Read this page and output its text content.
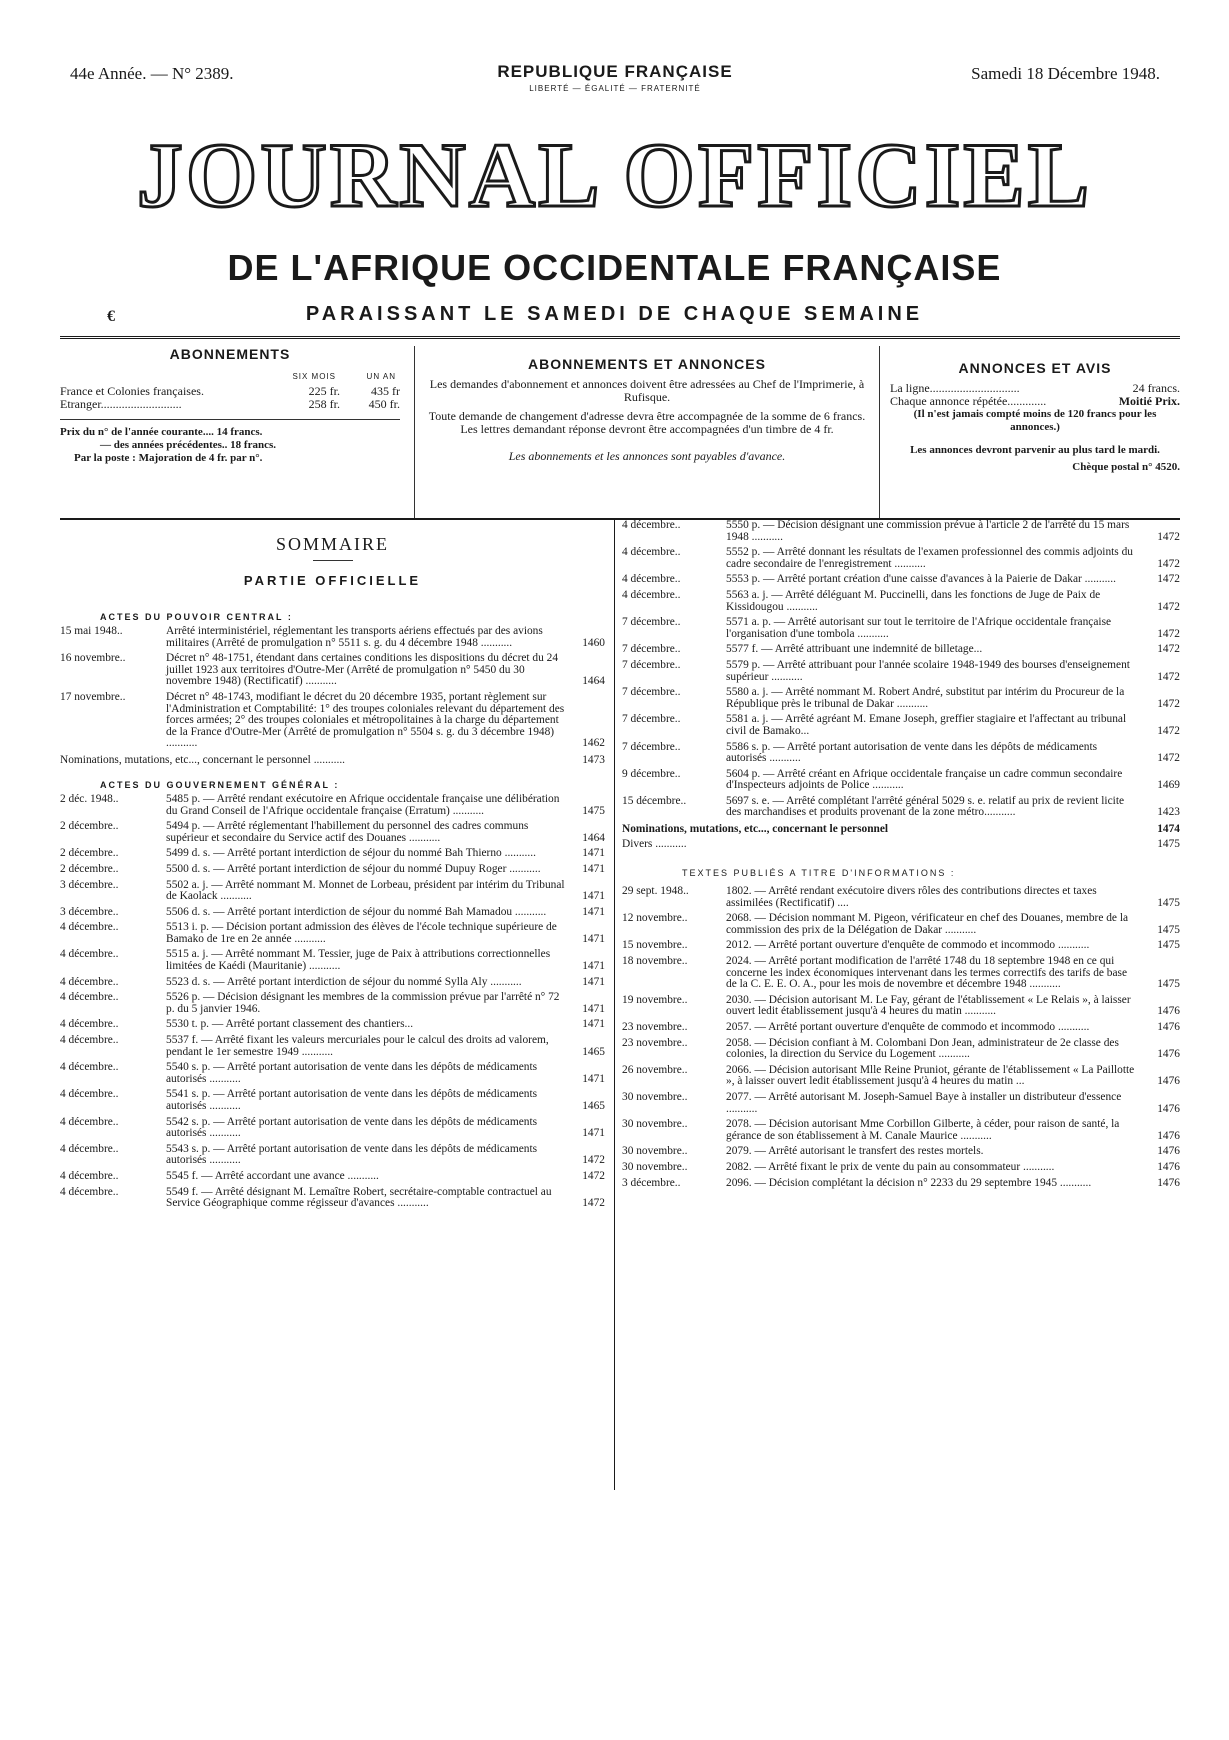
44e Année. — N° 2389.	REPUBLIQUE FRANÇAISE
LIBERTÉ — ÉGALITÉ — FRATERNITÉ
Samedi 18 Décembre 1948.
JOURNAL OFFICIEL
DE L'AFRIQUE OCCIDENTALE FRANÇAISE
€	PARAISSANT LE SAMEDI DE CHAQUE SEMAINE
ABONNEMENTS
SIX MOIS	UN AN
France et Colonies françaises.	225 fr.	435 fr
Etranger...........................	258 fr.	450 fr.
Prix du n° de l'année courante.... 14 francs.
— des années précédentes.. 18 francs.
Par la poste : Majoration de 4 fr. par n°.
ABONNEMENTS ET ANNONCES

Les demandes d'abonnement et annonces doivent être adressées au Chef de l'Imprimerie, à Rufisque.

Toute demande de changement d'adresse devra être accompagnée de la somme de 6 francs. Les lettres demandant réponse devront être accompagnées d'un timbre de 4 fr.

Les abonnements et les annonces sont payables d'avance.

ANNONCES ET AVIS
La ligne..............................	24 francs.
Chaque annonce répétée.............	Moitié Prix.
(Il n'est jamais compté moins de 120 francs pour les annonces.)
Les annonces devront parvenir au plus tard le mardi.
Chèque postal n° 4520.
SOMMAIRE
PARTIE OFFICIELLE
ACTES DU POUVOIR CENTRAL :
15 mai 1948..	Arrêté interministériel, réglementant les transports aériens effectués par des avions militaires (Arrêté de promulgation n° 5511 s. g. du 4 décembre 1948 ...........	1460
16 novembre..	Décret n° 48-1751, étendant dans certaines conditions les dispositions du décret du 24 juillet 1923 aux territoires d'Outre-Mer (Arrêté de promulgation n° 5450 du 30 novembre 1948) (Rectificatif) ...........	1464
17 novembre..	Décret n° 48-1743, modifiant le décret du 20 décembre 1935, portant règlement sur l'Administration et Comptabilité: 1° des troupes coloniales relevant du département des forces armées; 2° des troupes coloniales et métropolitaines à la charge du département de la France d'Outre-Mer (Arrêté de promulgation n° 5504 s. g. du 3 décembre 1948) ...........	1462
Nominations, mutations, etc..., concernant le personnel ...........	1473
ACTES DU GOUVERNEMENT GÉNÉRAL :
2 déc. 1948..	5485 p. — Arrêté rendant exécutoire en Afrique occidentale française une délibération du Grand Conseil de l'Afrique occidentale française (Erratum) ...........	1475
2 décembre..	5494 p. — Arrêté réglementant l'habillement du personnel des cadres communs supérieur et secondaire du Service actif des Douanes ...........	1464
2 décembre..	5499 d. s. — Arrêté portant interdiction de séjour du nommé Bah Thierno ...........	1471
2 décembre..	5500 d. s. — Arrêté portant interdiction de séjour du nommé Dupuy Roger ...........	1471
3 décembre..	5502 a. j. — Arrêté nommant M. Monnet de Lorbeau, président par intérim du Tribunal de Kaolack ...........	1471
3 décembre..	5506 d. s. — Arrêté portant interdiction de séjour du nommé Bah Mamadou ...........	1471
4 décembre..	5513 i. p. — Décision portant admission des élèves de l'école technique supérieure de Bamako de 1re en 2e année ...........	1471
4 décembre..	5515 a. j. — Arrêté nommant M. Tessier, juge de Paix à attributions correctionnelles limitées de Kaédi (Mauritanie) ...........	1471
4 décembre..	5523 d. s. — Arrêté portant interdiction de séjour du nommé Sylla Aly ...........	1471
4 décembre..	5526 p. — Décision désignant les membres de la commission prévue par l'arrêté n° 72 p. du 5 janvier 1946.	1471
4 décembre..	5530 t. p. — Arrêté portant classement des chantiers...	1471
4 décembre..	5537 f. — Arrêté fixant les valeurs mercuriales pour le calcul des droits ad valorem, pendant le 1er semestre 1949 ...........	1465
4 décembre..	5540 s. p. — Arrêté portant autorisation de vente dans les dépôts de médicaments autorisés ...........	1471
4 décembre..	5541 s. p. — Arrêté portant autorisation de vente dans les dépôts de médicaments autorisés ...........	1465
4 décembre..	5542 s. p. — Arrêté portant autorisation de vente dans les dépôts de médicaments autorisés ...........	1471
4 décembre..	5543 s. p. — Arrêté portant autorisation de vente dans les dépôts de médicaments autorisés ...........	1472
4 décembre..	5545 f. — Arrêté accordant une avance ...........	1472
4 décembre..	5549 f. — Arrêté désignant M. Lemaître Robert, secrétaire-comptable contractuel au Service Géographique comme régisseur d'avances ...........	1472
4 décembre..	5550 p. — Décision désignant une commission prévue à l'article 2 de l'arrêté du 15 mars 1948 ...........	1472
4 décembre..	5552 p. — Arrêté donnant les résultats de l'examen professionnel des commis adjoints du cadre secondaire de l'enregistrement ...........	1472
4 décembre..	5553 p. — Arrêté portant création d'une caisse d'avances à la Paierie de Dakar ...........	1472
4 décembre..	5563 a. j. — Arrêté déléguant M. Puccinelli, dans les fonctions de Juge de Paix de Kissidougou ...........	1472
7 décembre..	5571 a. p. — Arrêté autorisant sur tout le territoire de l'Afrique occidentale française l'organisation d'une tombola ...........	1472
7 décembre..	5577 f. — Arrêté attribuant une indemnité de billetage...	1472
7 décembre..	5579 p. — Arrêté attribuant pour l'année scolaire 1948-1949 des bourses d'enseignement supérieur ...........	1472
7 décembre..	5580 a. j. — Arrêté nommant M. Robert André, substitut par intérim du Procureur de la République près le tribunal de Dakar ...........	1472
7 décembre..	5581 a. j. — Arrêté agréant M. Emane Joseph, greffier stagiaire et l'affectant au tribunal civil de Bamako...	1472
7 décembre..	5586 s. p. — Arrêté portant autorisation de vente dans les dépôts de médicaments autorisés ...........	1472
9 décembre..	5604 p. — Arrêté créant en Afrique occidentale française un cadre commun secondaire d'Inspecteurs adjoints de Police ...........	1469
15 décembre..	5697 s. e. — Arrêté complétant l'arrêté général 5029 s. e. relatif au prix de revient licite des marchandises et produits provenant de la zone métro...........	1423
Nominations, mutations, etc..., concernant le personnel	1474
Divers ...........	1475
TEXTES PUBLIÉS A TITRE D'INFORMATIONS :
29 sept. 1948..	1802. — Arrêté rendant exécutoire divers rôles des contributions directes et taxes assimilées (Rectificatif) ....	1475
12 novembre..	2068. — Décision nommant M. Pigeon, vérificateur en chef des Douanes, membre de la commission des prix de la Délégation de Dakar ...........	1475
15 novembre..	2012. — Arrêté portant ouverture d'enquête de commodo et incommodo ...........	1475
18 novembre..	2024. — Arrêté portant modification de l'arrêté 1748 du 18 septembre 1948 en ce qui concerne les index économiques intervenant dans les termes correctifs des tarifs de base de la C. E. E. O. A., pour les mois de novembre et décembre 1948 ...........	1475
19 novembre..	2030. — Décision autorisant M. Le Fay, gérant de l'établissement « Le Relais », à laisser ouvert ledit établissement jusqu'à 4 heures du matin ...........	1476
23 novembre..	2057. — Arrêté portant ouverture d'enquête de commodo et incommodo ...........	1476
23 novembre..	2058. — Décision confiant à M. Colombani Don Jean, administrateur de 2e classe des colonies, la direction du Service du Logement ...........	1476
26 novembre..	2066. — Décision autorisant Mlle Reine Pruniot, gérante de l'établissement « La Paillotte », à laisser ouvert ledit établissement jusqu'à 4 heures du matin ...	1476
30 novembre..	2077. — Arrêté autorisant M. Joseph-Samuel Baye à installer un distributeur d'essence ...........	1476
30 novembre..	2078. — Décision autorisant Mme Corbillon Gilberte, à céder, pour raison de santé, la gérance de son établissement à M. Canale Maurice ...........	1476
30 novembre..	2079. — Arrêté autorisant le transfert des restes mortels.	1476
30 novembre..	2082. — Arrêté fixant le prix de vente du pain au consommateur ...........	1476
3 décembre..	2096. — Décision complétant la décision n° 2233 du 29 septembre 1945 ...........	1476
